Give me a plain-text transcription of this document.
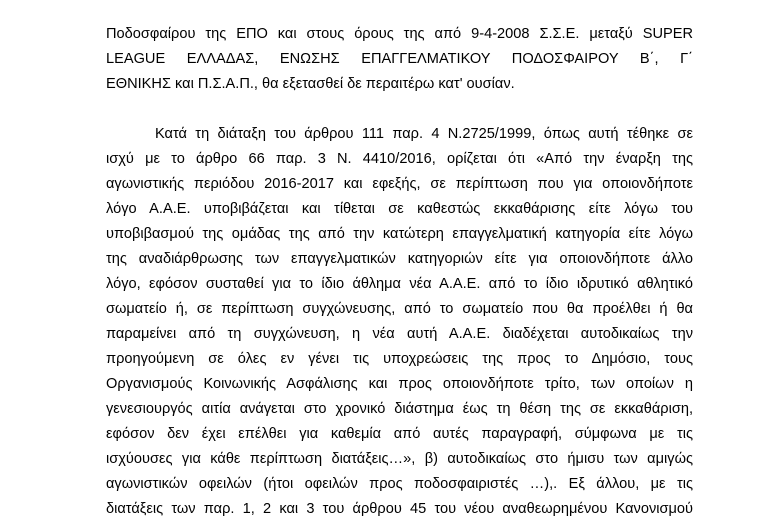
Ποδοσφαίρου της ΕΠΟ και στους όρους της από 9-4-2008 Σ.Σ.Ε. μεταξύ SUPER
LEAGUE ΕΛΛΑΔΑΣ, ΕΝΩΣΗΣ ΕΠΑΓΓΕΛΜΑΤΙΚΟΥ ΠΟΔΟΣΦΑΙΡΟΥ Β΄, Γ΄
ΕΘΝΙΚΗΣ και Π.Σ.Α.Π., θα εξετασθεί δε περαιτέρω κατ' ουσίαν.
Κατά τη διάταξη του άρθρου 111 παρ. 4 Ν.2725/1999, όπως αυτή τέθηκε σε
ισχύ με το άρθρο 66 παρ. 3 Ν. 4410/2016, ορίζεται ότι «Από την έναρξη της
αγωνιστικής περιόδου 2016-2017 και εφεξής, σε περίπτωση που για οποιονδήποτε
λόγο Α.Α.Ε. υποβιβάζεται και τίθεται σε καθεστώς εκκαθάρισης είτε λόγω του
υποβιβασμού της ομάδας της από την κατώτερη επαγγελματική κατηγορία είτε λόγω
της αναδιάρθρωσης των επαγγελματικών κατηγοριών είτε για οποιονδήποτε άλλο
λόγο, εφόσον συσταθεί για το ίδιο άθλημα νέα Α.Α.Ε. από το ίδιο ιδρυτικό αθλητικό
σωματείο ή, σε περίπτωση συγχώνευσης, από το σωματείο που θα προέλθει ή θα
παραμείνει από τη συγχώνευση, η νέα αυτή Α.Α.Ε. διαδέχεται αυτοδικαίως την
προηγούμενη σε όλες εν γένει τις υποχρεώσεις της προς το Δημόσιο, τους
Οργανισμούς Κοινωνικής Ασφάλισης και προς οποιονδήποτε τρίτο, των οποίων η
γενεσιουργός αιτία ανάγεται στο χρονικό διάστημα έως τη θέση της σε εκκαθάριση,
εφόσον δεν έχει επέλθει για καθεμία από αυτές παραγραφή, σύμφωνα με τις
ισχύουσες για κάθε περίπτωση διατάξεις…», β) αυτοδικαίως στο ήμισυ των αμιγώς
αγωνιστικών οφειλών (ήτοι οφειλών προς ποδοσφαιριστές …),. Εξ άλλου, με τις
διατάξεις των παρ. 1, 2 και 3 του άρθρου 45 του νέου αναθεωρημένου Κανονισμού
